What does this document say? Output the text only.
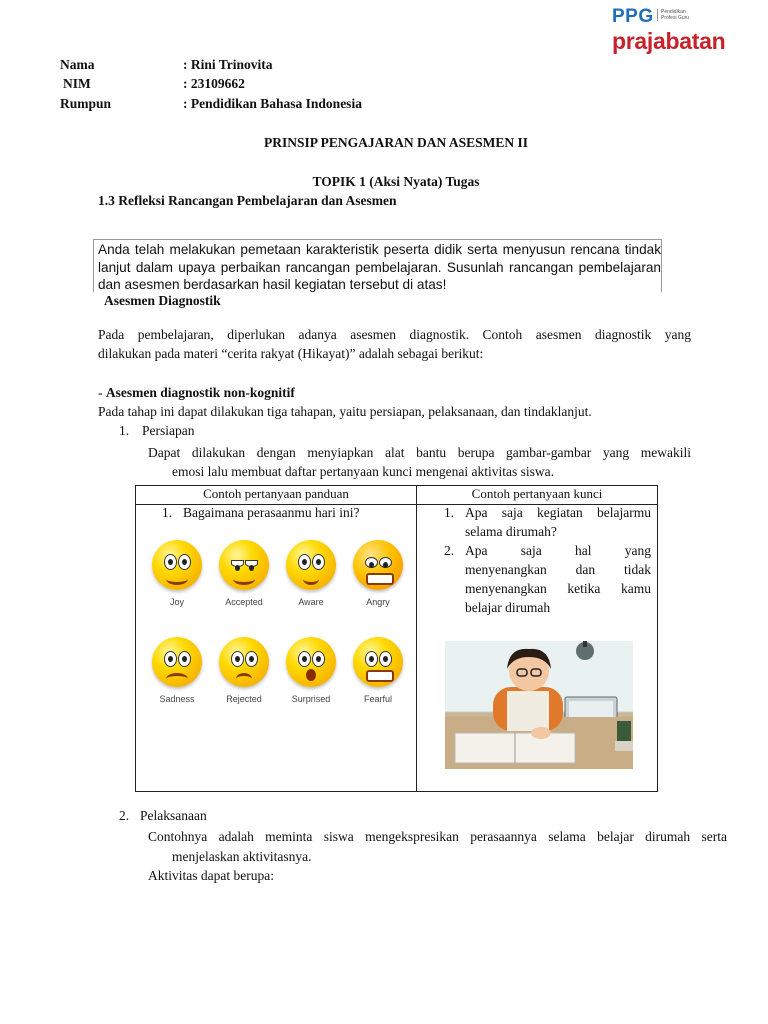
PPG	Pendidikan Profesi Guru
prajabatan
Nama	: Rini Trinovita
NIM	: 23109662
Rumpun	: Pendidikan Bahasa Indonesia
PRINSIP PENGAJARAN DAN ASESMEN II
TOPIK 1 (Aksi Nyata) Tugas
1.3 Refleksi Rancangan Pembelajaran dan Asesmen
Anda telah melakukan pemetaan karakteristik peserta didik serta menyusun rencana tindak lanjut dalam upaya perbaikan rancangan pembelajaran. Susunlah rancangan pembelajaran dan asesmen berdasarkan hasil kegiatan tersebut di atas!
Asesmen Diagnostik
Pada pembelajaran, diperlukan adanya asesmen diagnostik. Contoh asesmen diagnostik yang
dilakukan pada materi “cerita rakyat (Hikayat)” adalah sebagai berikut:
- Asesmen diagnostik non-kognitif
Pada tahap ini dapat dilakukan tiga tahapan, yaitu persiapan, pelaksanaan, dan tindaklanjut.
1. Persiapan
Dapat dilakukan dengan menyiapkan alat bantu berupa gambar-gambar yang mewakili
emosi lalu membuat daftar pertanyaan kunci mengenai aktivitas siswa.
Contoh pertanyaan panduan	Contoh pertanyaan kunci

1. Bagaimana perasaanmu hari ini?
Joy	Accepted	Aware	Angry
Sadness	Rejected	Surprised	Fearful
1. Apa saja kegiatan belajarmu
selama dirumah?
2. Apa saja hal yang
menyenangkan dan tidak
menyenangkan ketika kamu
belajar dirumah
2. Pelaksanaan
Contohnya adalah meminta siswa mengekspresikan perasaannya selama belajar dirumah serta
menjelaskan aktivitasnya.
Aktivitas dapat berupa:
